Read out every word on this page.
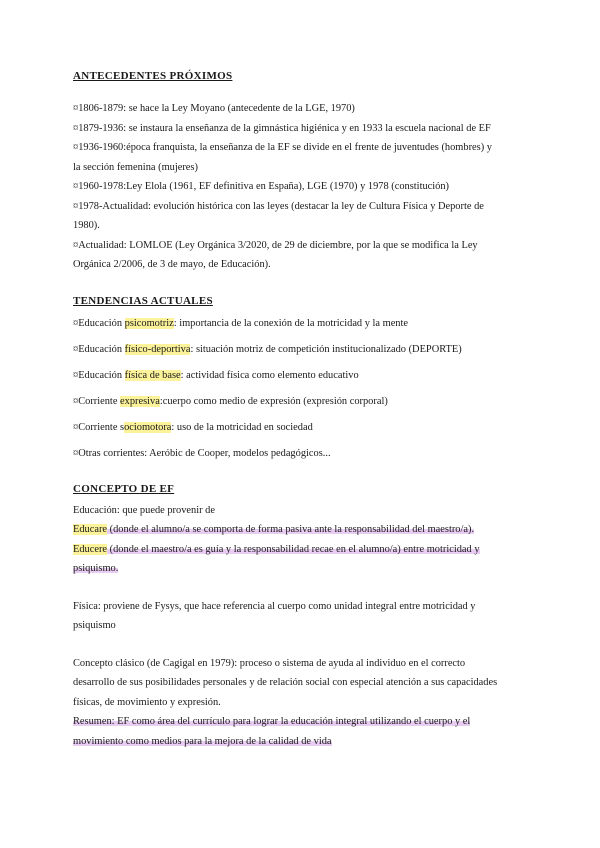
ANTECEDENTES PRÓXIMOS

¤1806-1879: se hace la Ley Moyano (antecedente de la LGE, 1970)

¤1879-1936: se instaura la enseñanza de la gimnástica higiénica y en 1933 la escuela nacional de EF

¤1936-1960:época franquista, la enseñanza de la EF se divide en el frente de juventudes (hombres) y

la sección femenina (mujeres)

¤1960-1978:Ley Elola (1961, EF definitiva en España), LGE (1970) y 1978 (constitución)

¤1978-Actualidad: evolución histórica con las leyes (destacar la ley de Cultura Física y Deporte de

1980).

¤Actualidad: LOMLOE (Ley Orgánica 3/2020, de 29 de diciembre, por la que se modifica la Ley

Orgánica 2/2006, de 3 de mayo, de Educación).

TENDENCIAS ACTUALES

¤Educación psicomotriz: importancia de la conexión de la motricidad y la mente

¤Educación físico-deportiva: situación motriz de competición institucionalizado (DEPORTE)

¤Educación física de base: actividad física como elemento educativo

¤Corriente expresiva:cuerpo como medio de expresión (expresión corporal)

¤Corriente sociomotora: uso de la motricidad en sociedad

¤Otras corrientes: Aeróbic de Cooper, modelos pedagógicos...

CONCEPTO DE EF

Educación: que puede provenir de

Educare (donde el alumno/a se comporta de forma pasiva ante la responsabilidad del maestro/a).

Educere (donde el maestro/a es guía y la responsabilidad recae en el alumno/a) entre motricidad y

psiquismo.

Física: proviene de Fysys, que hace referencia al cuerpo como unidad integral entre motricidad y

psiquismo

Concepto clásico (de Cagigal en 1979): proceso o sistema de ayuda al individuo en el correcto

desarrollo de sus posibilidades personales y de relación social con especial atención a sus capacidades

físicas, de movimiento y expresión.

Resumen: EF como área del currículo para lograr la educación integral utilizando el cuerpo y el

movimiento como medios para la mejora de la calidad de vida
